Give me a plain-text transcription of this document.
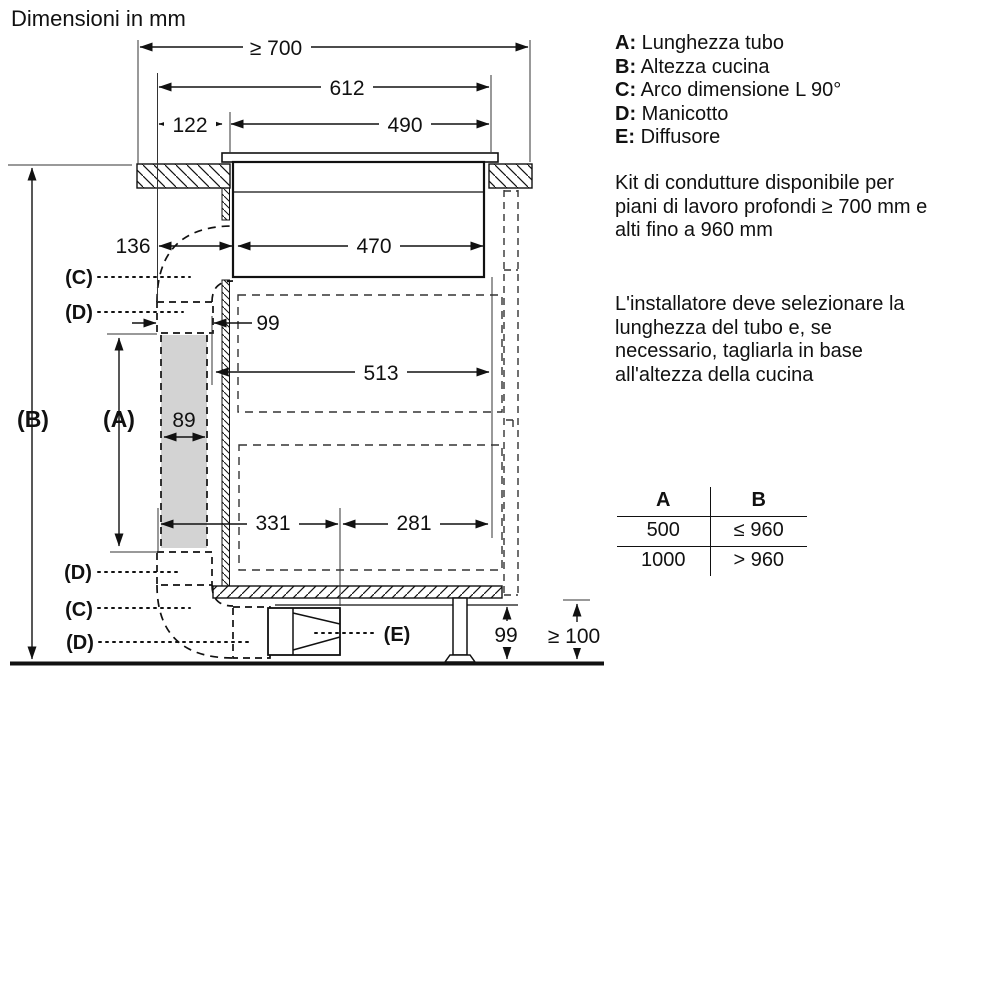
≥ 700
612
122	490
136	470
99
513
89
331	281
99 ≥ 100
(C)
(D)
(B) (A)
(D)
(C)
(D)	(E)
Dimensioni in mm
A: Lunghezza tubo
B: Altezza cucina
C: Arco dimensione L 90°
D: Manicotto
E: Diffusore
Kit di condutture disponibile per
piani di lavoro profondi ≥ 700 mm e
alti fino a 960 mm
L'installatore deve selezionare la
lunghezza del tubo e, se
necessario, tagliarla in base
all'altezza della cucina
A	B
500	≤ 960
1000	> 960
